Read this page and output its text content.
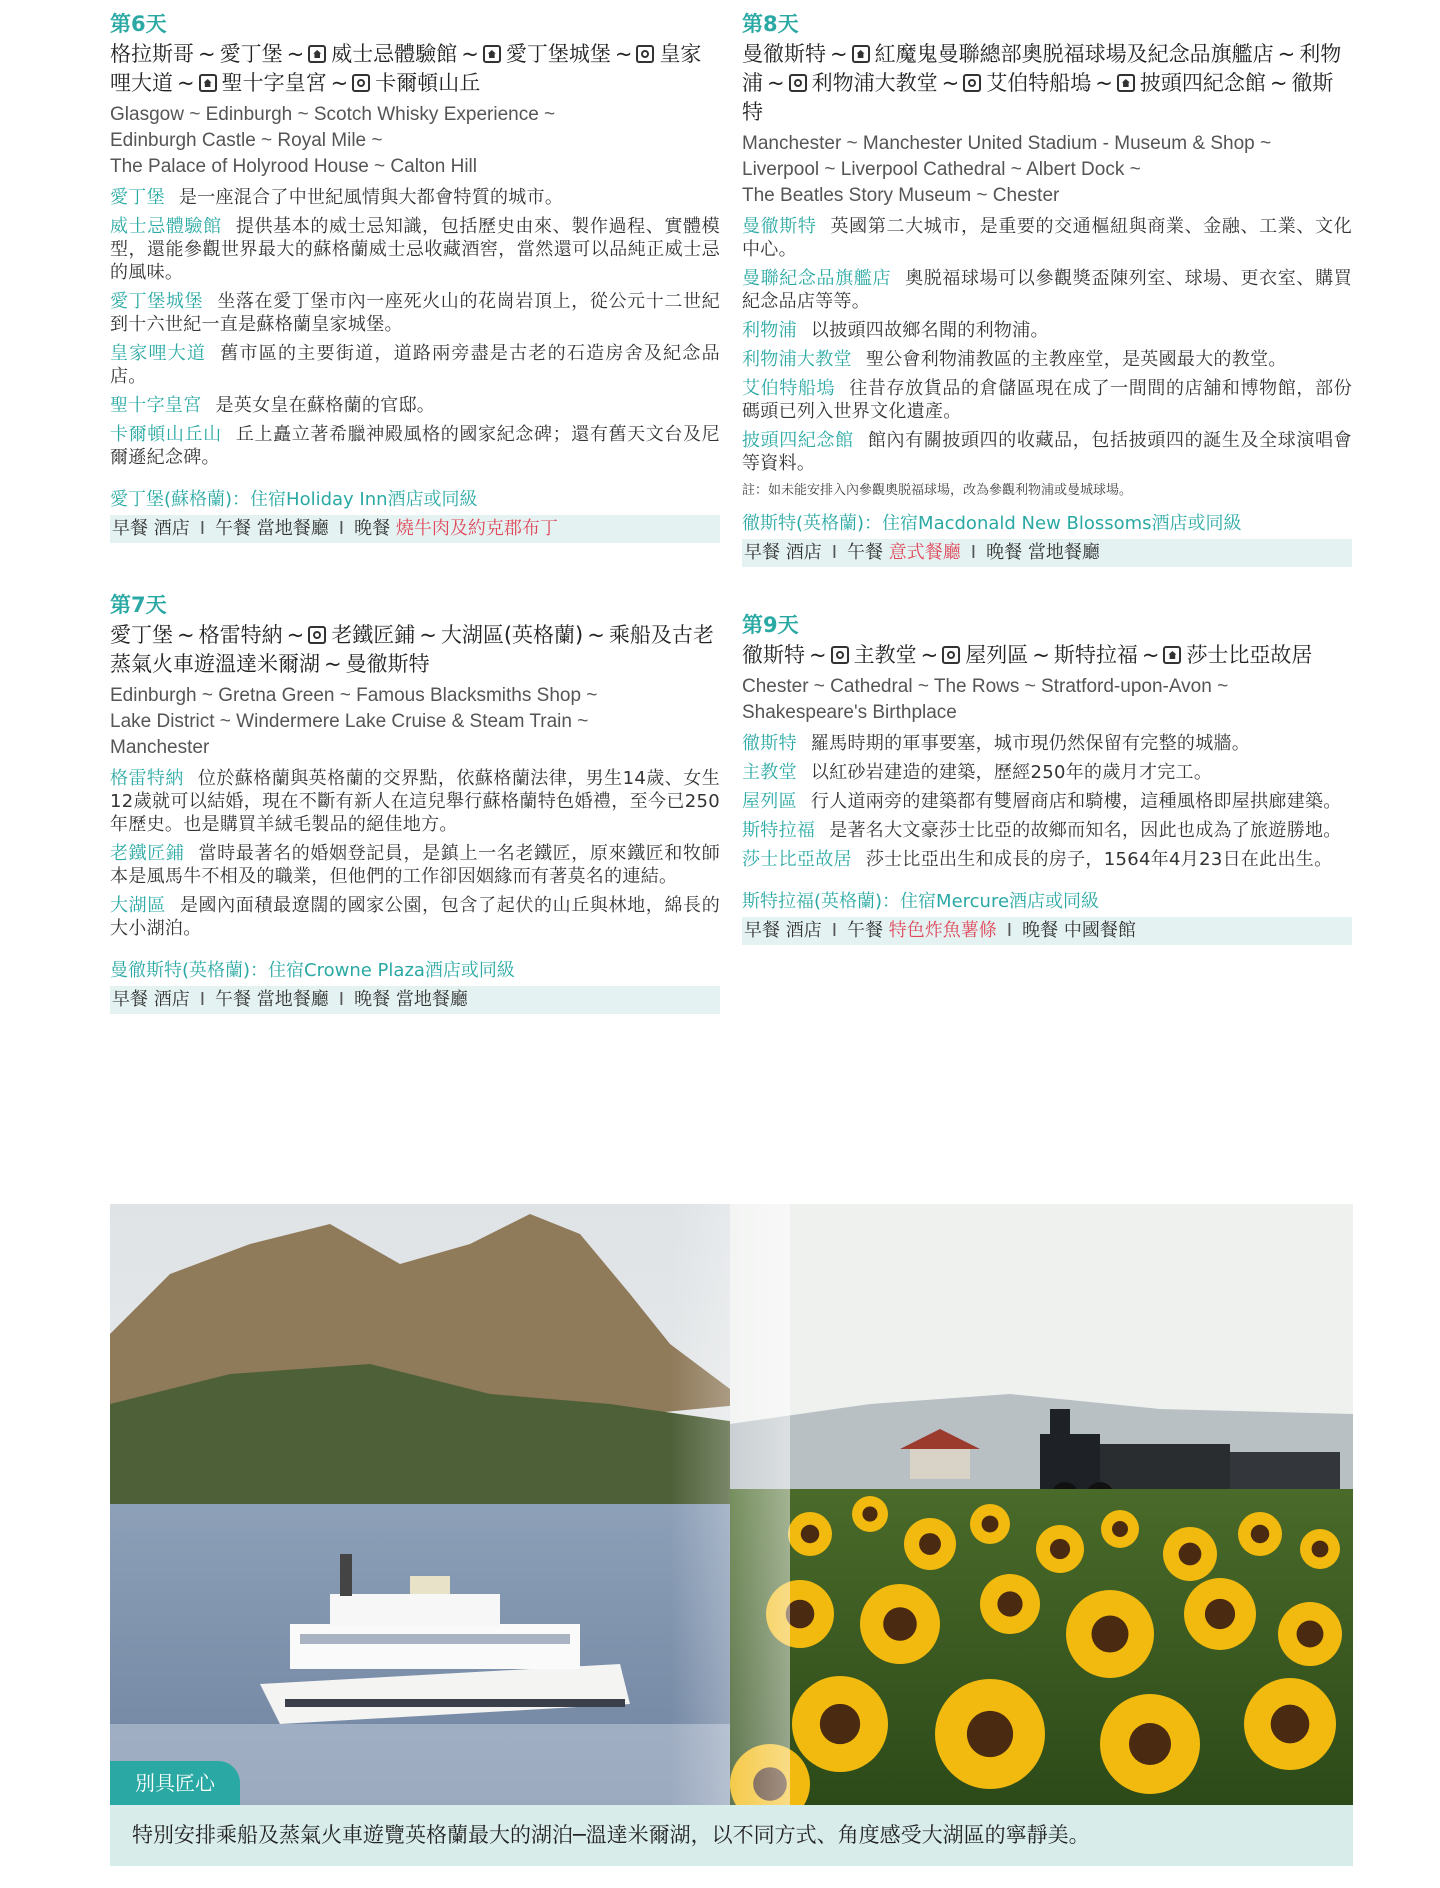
第6天
格拉斯哥 ~ 愛丁堡 ~ 威士忌體驗館 ~ 愛丁堡城堡 ~ 皇家哩大道 ~ 聖十字皇宮 ~ 卡爾頓山丘
Glasgow ~ Edinburgh ~ Scotch Whisky Experience ~
Edinburgh Castle ~ Royal Mile ~
The Palace of Holyrood House ~ Calton Hill
愛丁堡 是一座混合了中世紀風情與大都會特質的城市。
威士忌體驗館 提供基本的威士忌知識，包括歷史由來、製作過程、實體模型，還能參觀世界最大的蘇格蘭威士忌收藏酒窖，當然還可以品純正威士忌的風味。
愛丁堡城堡 坐落在愛丁堡市內一座死火山的花崗岩頂上，從公元十二世紀到十六世紀一直是蘇格蘭皇家城堡。
皇家哩大道 舊市區的主要街道，道路兩旁盡是古老的石造房舍及紀念品店。
聖十字皇宮 是英女皇在蘇格蘭的官邸。
卡爾頓山丘山 丘上矗立著希臘神殿風格的國家紀念碑；還有舊天文台及尼爾遜紀念碑。
愛丁堡(蘇格蘭)：住宿Holiday Inn酒店或同級
早餐 酒店 I 午餐 當地餐廳 I 晚餐 燒牛肉及約克郡布丁
第7天
愛丁堡 ~ 格雷特納 ~ 老鐵匠鋪 ~ 大湖區(英格蘭) ~ 乘船及古老蒸氣火車遊溫達米爾湖 ~ 曼徹斯特
Edinburgh ~ Gretna Green ~ Famous Blacksmiths Shop ~
Lake District ~ Windermere Lake Cruise & Steam Train ~
Manchester
格雷特納 位於蘇格蘭與英格蘭的交界點，依蘇格蘭法律，男生14歲、女生12歲就可以結婚，現在不斷有新人在這兒舉行蘇格蘭特色婚禮，至今已250年歷史。也是購買羊絨毛製品的絕佳地方。
老鐵匠鋪 當時最著名的婚姻登記員，是鎮上一名老鐵匠，原來鐵匠和牧師本是風馬牛不相及的職業，但他們的工作卻因姻緣而有著莫名的連結。
大湖區 是國內面積最遼闊的國家公園，包含了起伏的山丘與林地，綿長的大小湖泊。
曼徹斯特(英格蘭)：住宿Crowne Plaza酒店或同級
早餐 酒店 I 午餐 當地餐廳 I 晚餐 當地餐廳
第8天
曼徹斯特 ~ 紅魔鬼曼聯總部奧脱福球場及紀念品旗艦店 ~ 利物浦 ~ 利物浦大教堂 ~ 艾伯特船塢 ~ 披頭四紀念館 ~ 徹斯特
Manchester ~ Manchester United Stadium - Museum & Shop ~
Liverpool ~ Liverpool Cathedral ~ Albert Dock ~
The Beatles Story Museum ~ Chester
曼徹斯特 英國第二大城市，是重要的交通樞紐與商業、金融、工業、文化中心。
曼聯紀念品旗艦店 奧脱福球場可以參觀獎盃陳列室、球場、更衣室、購買紀念品店等等。
利物浦 以披頭四故鄉名聞的利物浦。
利物浦大教堂 聖公會利物浦教區的主教座堂，是英國最大的教堂。
艾伯特船塢 往昔存放貨品的倉儲區現在成了一間間的店舖和博物館，部份碼頭已列入世界文化遺產。
披頭四紀念館 館內有關披頭四的收藏品，包括披頭四的誕生及全球演唱會等資料。
註：如未能安排入內參觀奧脱福球場，改為參觀利物浦或曼城球場。
徹斯特(英格蘭)：住宿Macdonald New Blossoms酒店或同級
早餐 酒店 I 午餐 意式餐廳 I 晚餐 當地餐廳
第9天
徹斯特 ~ 主教堂 ~ 屋列區 ~ 斯特拉福 ~ 莎士比亞故居
Chester ~ Cathedral ~ The Rows ~ Stratford-upon-Avon ~
Shakespeare's Birthplace
徹斯特 羅馬時期的軍事要塞，城市現仍然保留有完整的城牆。
主教堂 以紅砂岩建造的建築，歷經250年的歲月才完工。
屋列區 行人道兩旁的建築都有雙層商店和騎樓，這種風格即屋拱廊建築。
斯特拉福 是著名大文豪莎士比亞的故鄉而知名，因此也成為了旅遊勝地。
莎士比亞故居 莎士比亞出生和成長的房子，1564年4月23日在此出生。
斯特拉福(英格蘭)：住宿Mercure酒店或同級
早餐 酒店 I 午餐 特色炸魚薯條 I 晚餐 中國餐館
別具匠心
特別安排乘船及蒸氣火車遊覽英格蘭最大的湖泊─溫達米爾湖，以不同方式、角度感受大湖區的寧靜美。
